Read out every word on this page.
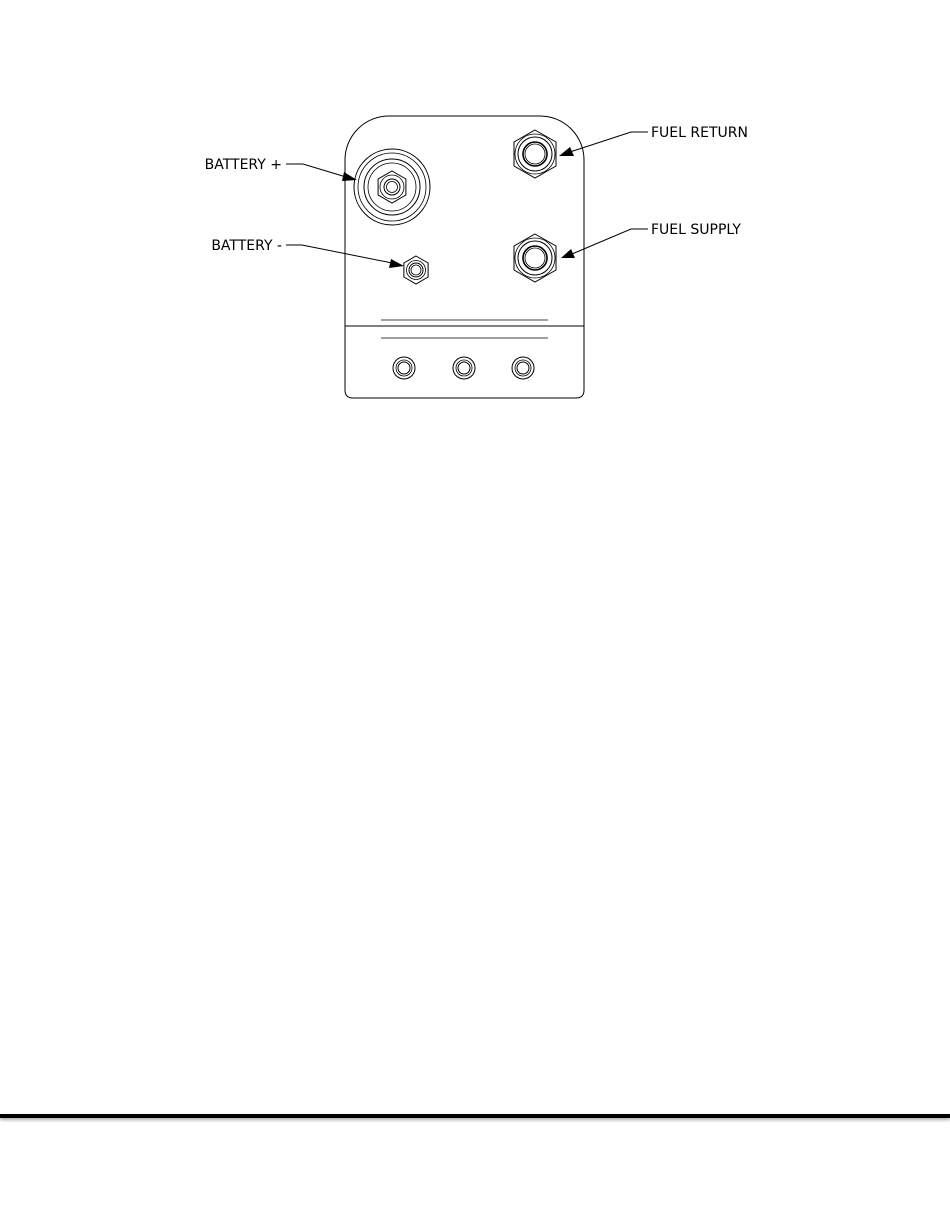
BATTERY +
BATTERY -
FUEL RETURN
FUEL SUPPLY
